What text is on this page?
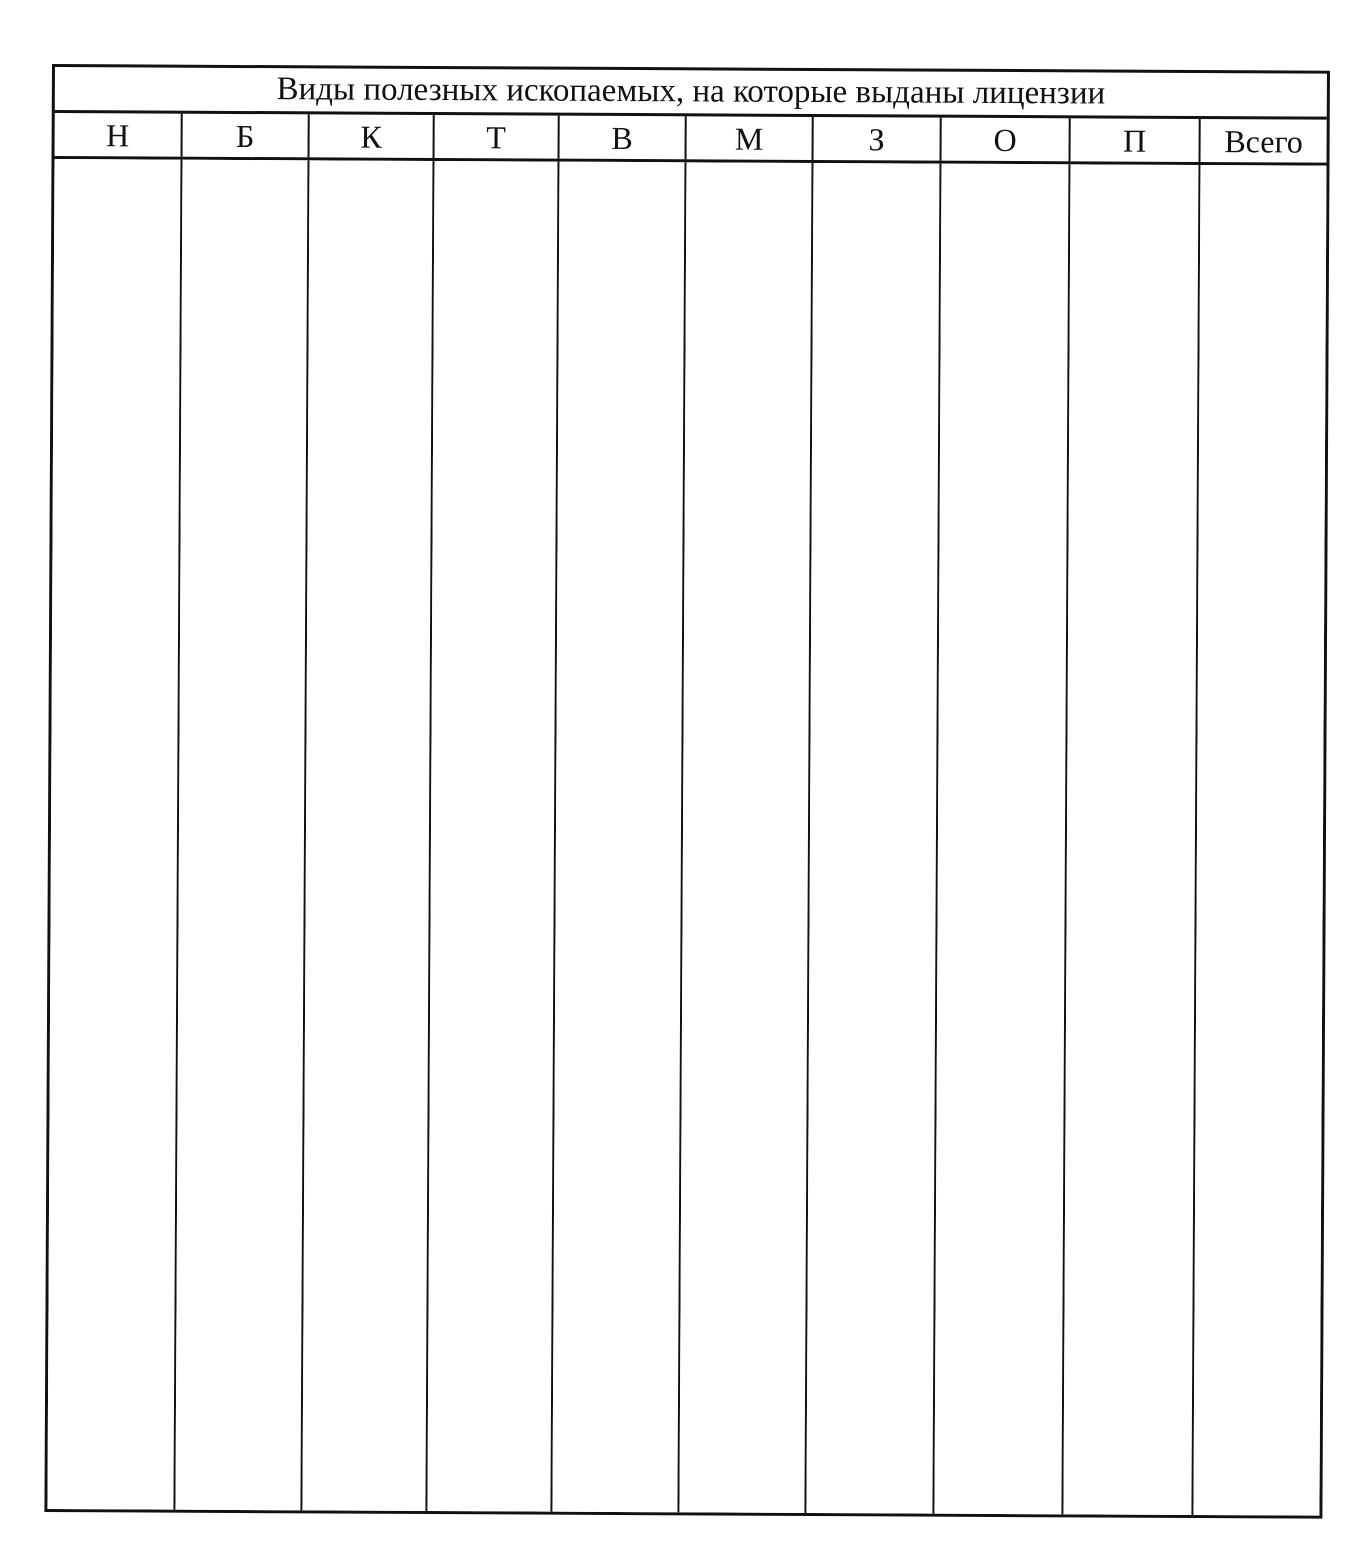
Виды полезных ископаемых, на которые выданы лицензии
Н	Б	К	Т	В	М	З	О	П	Всего
